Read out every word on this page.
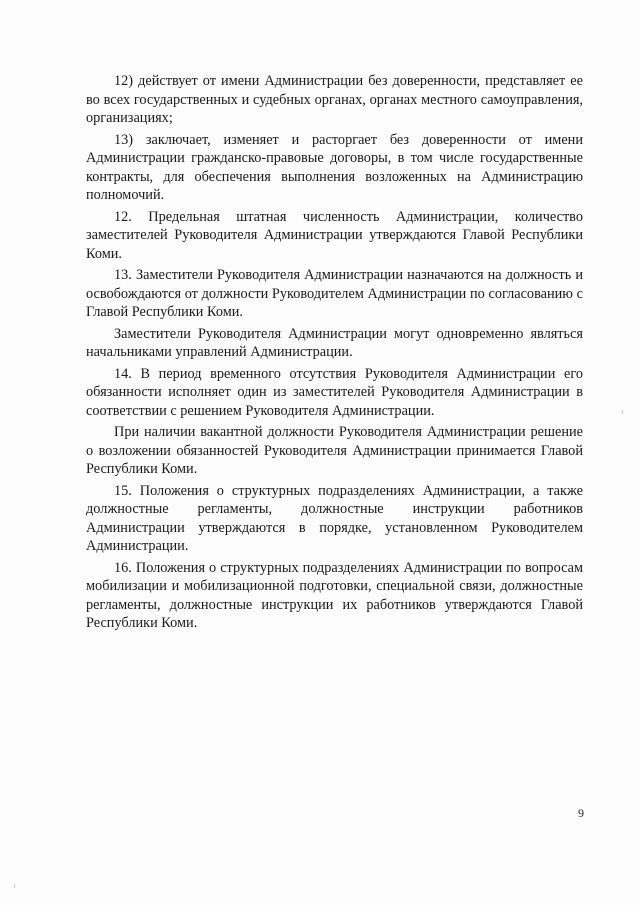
12) действует от имени Администрации без доверенности, представляет ее во всех государственных и судебных органах, органах местного самоуправления, организациях;

13) заключает, изменяет и расторгает без доверенности от имени Администрации гражданско-правовые договоры, в том числе государственные контракты, для обеспечения выполнения возложенных на Администрацию полномочий.

12. Предельная штатная численность Администрации, количество заместителей Руководителя Администрации утверждаются Главой Республики Коми.

13. Заместители Руководителя Администрации назначаются на должность и освобождаются от должности Руководителем Администрации по согласованию с Главой Республики Коми.

Заместители Руководителя Администрации могут одновременно являться начальниками управлений Администрации.

14. В период временного отсутствия Руководителя Администрации его обязанности исполняет один из заместителей Руководителя Администрации в соответствии с решением Руководителя Администрации.

При наличии вакантной должности Руководителя Администрации решение о возложении обязанностей Руководителя Администрации принимается Главой Республики Коми.

15. Положения о структурных подразделениях Администрации, а также должностные регламенты, должностные инструкции работников Администрации утверждаются в порядке, установленном Руководителем Администрации.

16. Положения о структурных подразделениях Администрации по вопросам мобилизации и мобилизационной подготовки, специальной связи, должностные регламенты, должностные инструкции их работников утверждаются Главой Республики Коми.

9
